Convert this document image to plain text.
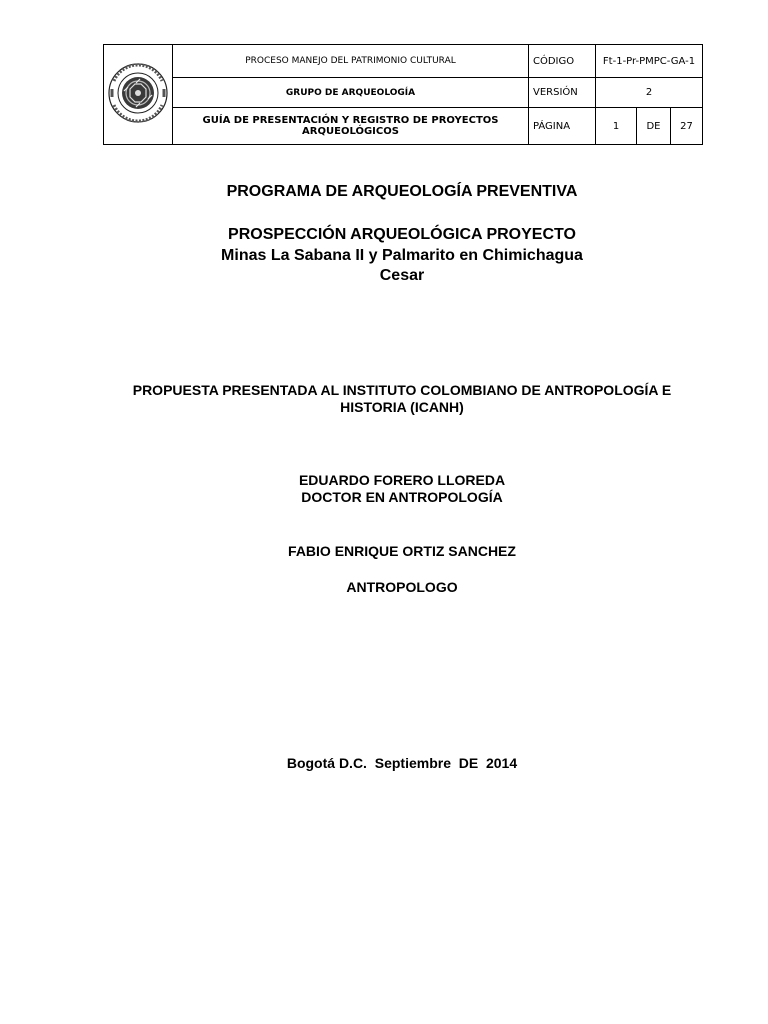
	PROCESO MANEJO DEL PATRIMONIO CULTURAL	CÓDIGO	Ft-1-Pr-PMPC-GA-1		
	GRUPO DE ARQUEOLOGÍA	VERSIÓN	2		
	GUÍA DE PRESENTACIÓN Y REGISTRO DE PROYECTOS ARQUEOLÓGICOS	PÁGINA	1	DE	27
PROGRAMA DE ARQUEOLOGÍA PREVENTIVA
PROSPECCIÓN ARQUEOLÓGICA PROYECTO
Minas La Sabana II y Palmarito en Chimichagua
Cesar
PROPUESTA PRESENTADA AL INSTITUTO COLOMBIANO DE ANTROPOLOGÍA E
HISTORIA (ICANH)
EDUARDO FORERO LLOREDA
DOCTOR EN ANTROPOLOGÍA
FABIO ENRIQUE ORTIZ SANCHEZ
ANTROPOLOGO

Bogotá D.C.  Septiembre  DE  2014
